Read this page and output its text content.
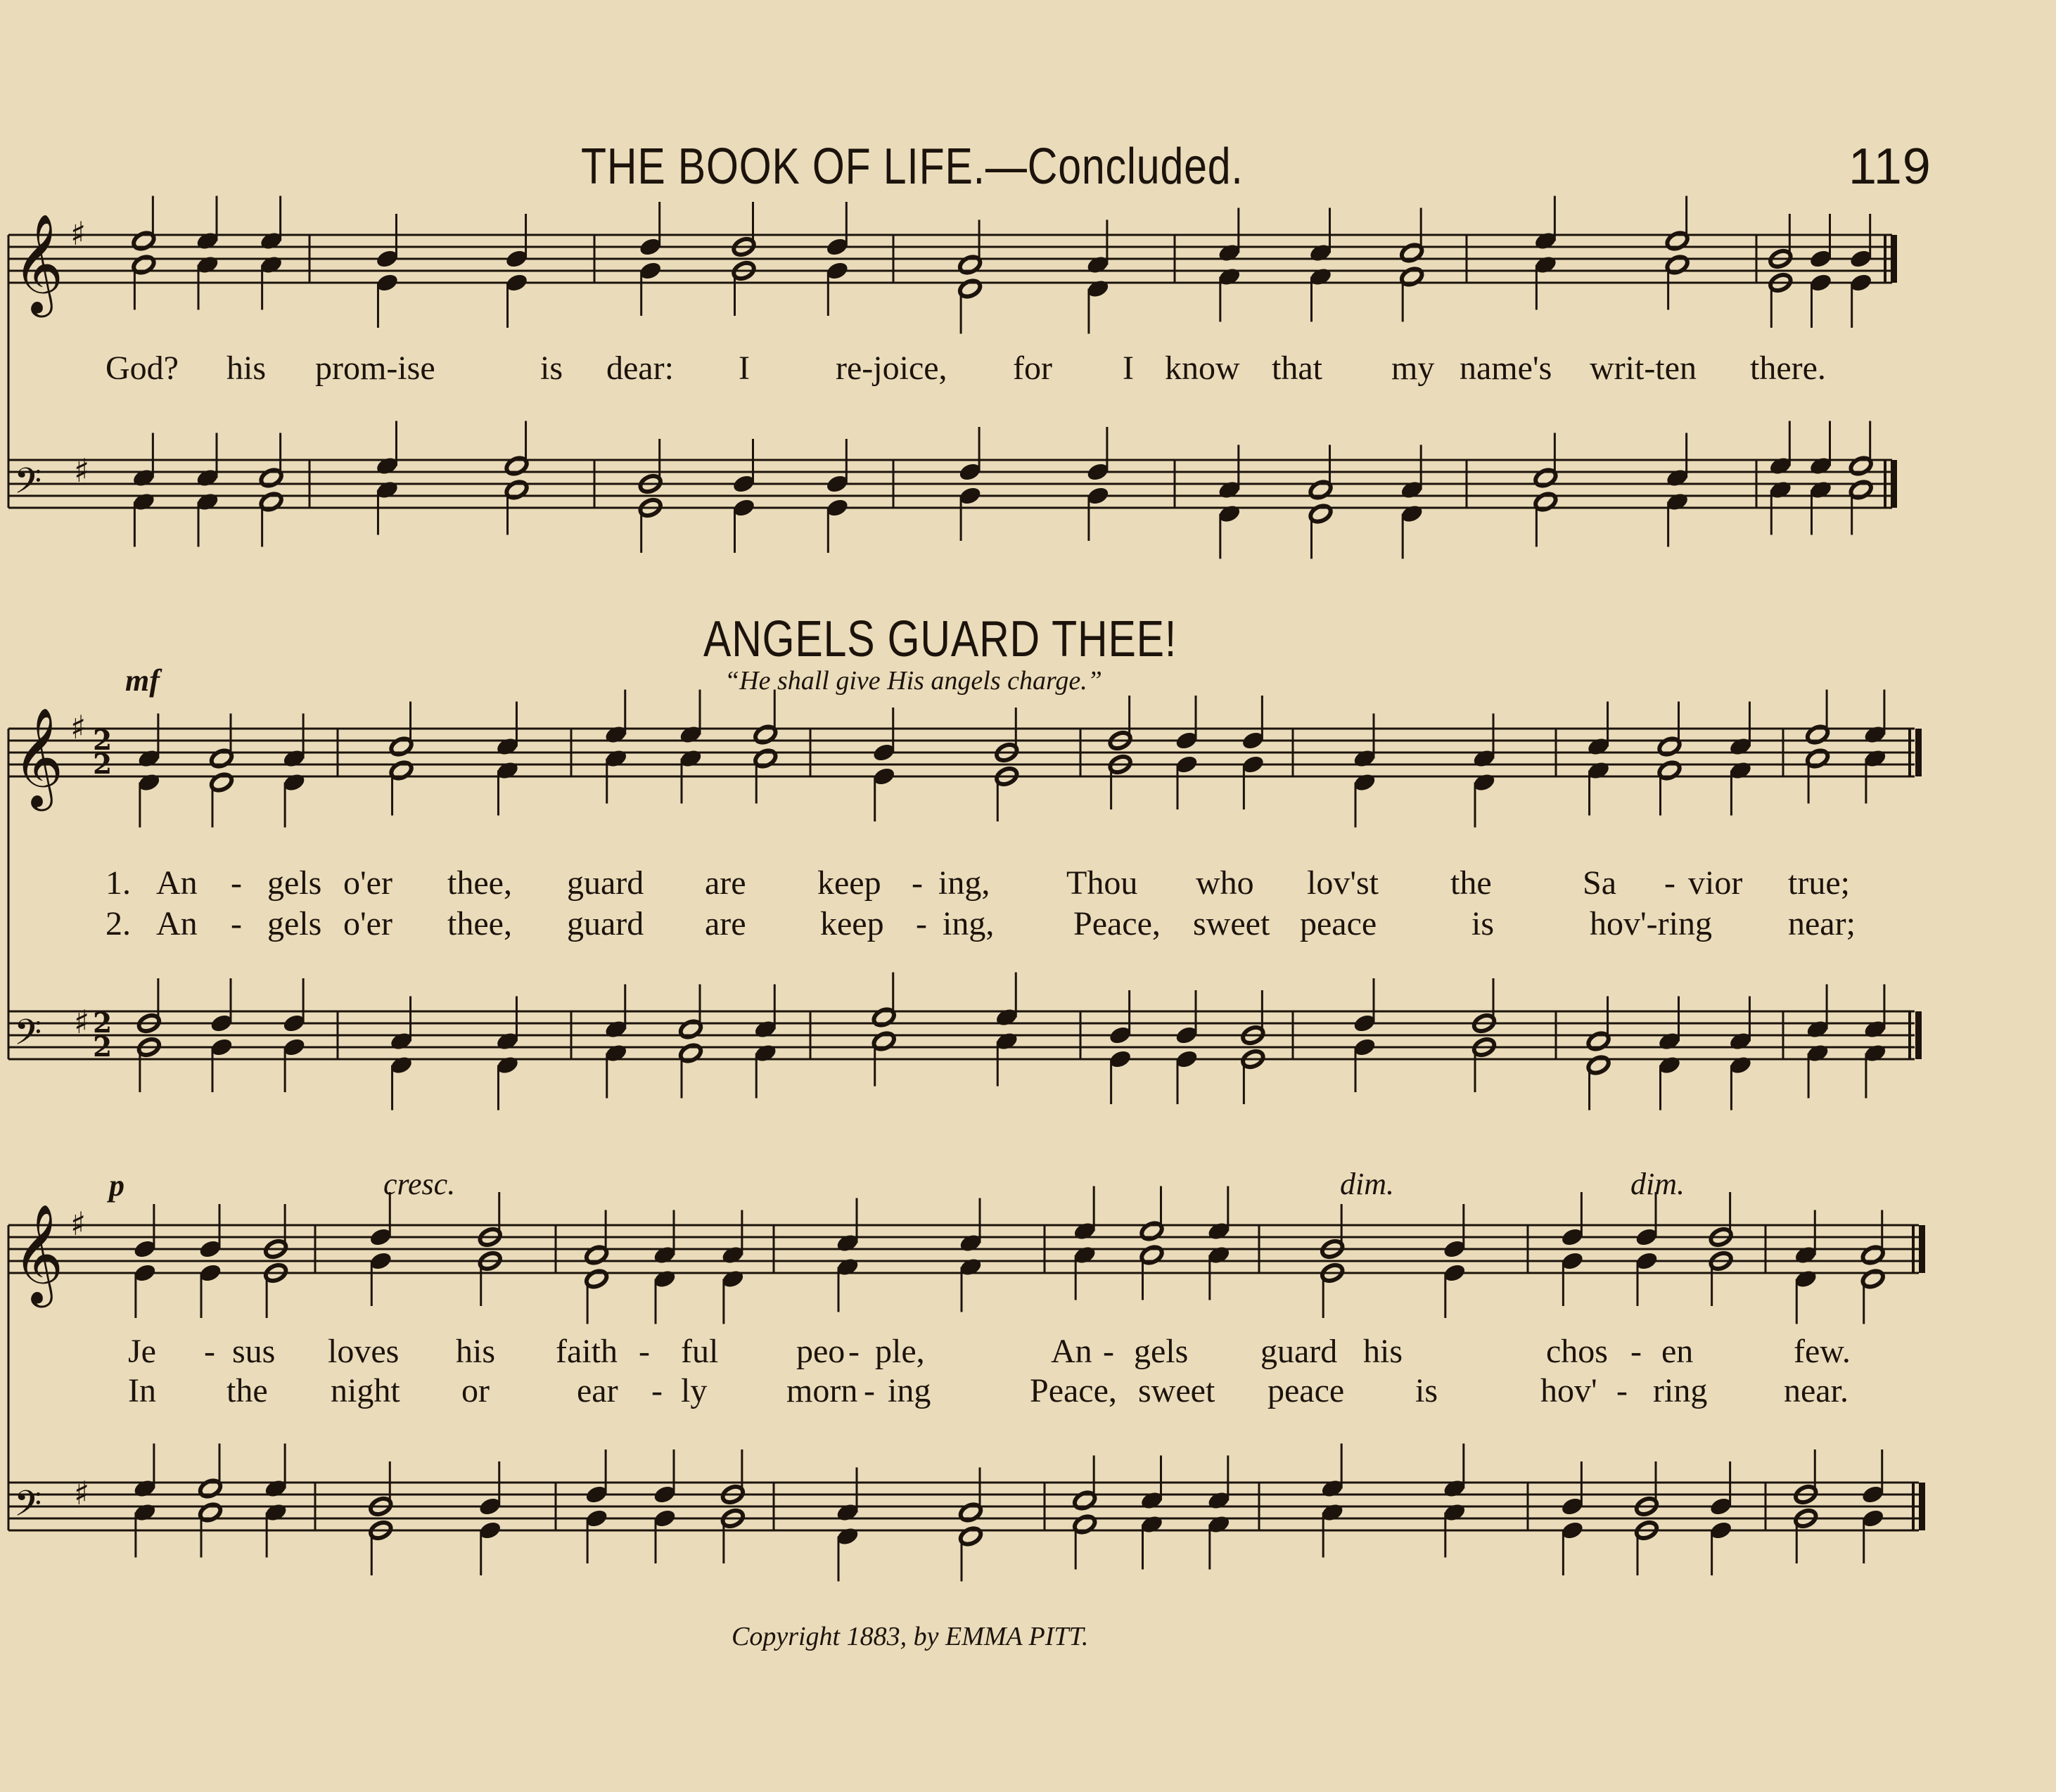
THE BOOK OF LIFE.—Concluded.	119
ANGELS GUARD THEE!
“He shall give His angels charge.”
mf
p	cresc.	dim.	dim.
God? his prom-ise	is dear: I	re-joice, for I know that my name's writ-ten there.
1. An - gels o'er thee, guard are keep - ing, Thou who lov'st the	Sa - vior true;
2. An - gels o'er thee, guard are keep - ing, Peace, sweet peace	is	hov'-ring near;
Je - sus loves his faith - ful peo - ple,	An - gels guard his	chos - en	few.
In the night or	ear - ly morn - ing	Peace, sweet peace is	hov' - ring near.
Copyright 1883, by EMMA PITT.
𝄞 ♯
𝄢 ♯
𝄞 ♯ 2
2
𝄢 ♯ 2
2
𝄞 ♯
𝄢 ♯
